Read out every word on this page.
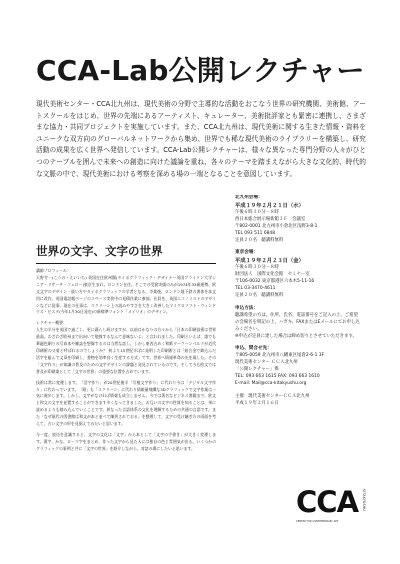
CCA-Lab公開レクチャー

現代美術センター・CCA北九州は、現代美術の分野で主導的な活動をおこなう世界の研究機関、美術館、アートスクールをはじめ、世界の先端にあるアーティスト、キュレーター、美術批評家とも緊密に連携し、さまざまな協力・共同プロジェクトを実施しています。また、CCA北九州は、現代美術に関する生きた情報・資料をユニークな双方向のグローバルネットワークから集め、世界でも稀な現代美術のライブラリーを構築し、研究活動の成果を広く世界へ発信しています。CCA-Lab公開レクチャーは、様々な異なった専門分野の人々がひとつのテーブルを囲んで未来への創造に向けた議論を重ね、各々のテーマを踏まえながら大きな文化的、時代的な文脈の中で、現代美術における考察を深める場の一端となることを意図しています。

世界の文字、文字の世界
講師プロフィール：

天野寺一(こうの・えいいち) 英国在住欧州圏(タイポグラフィック・デザイナー英国ブライトン大学シニア・リサーチ・フェロー)東京生まれ。ロンドン在住。そこでの受賞実績のみが1974年33歳運勢。欧文文字のデザイン・扱い方やタイポグラフィックの学者となる。卒業後、ロンドン地下鉄の書体を本文用に改作、英国電話帳ページのスペース実装中の見積作業に参加。社員を、英国エコノミストのデザインなどに従事。現在の仕事は、スクリーン上の読みやすさを大きく改善したマイクロソフト・ウィンドウズ・ビスタ(今年1月30日発売)の新標準フォント「メイリオ」のデザイン。

レクチャー概要：

人生の半分を英国で過ごし、更に暮らし続けますが、以前はかなりの方々から「日本の印刷技術は世界最高。わざわざ欧州まで出向いて勉強するなんて意味ないよ」と言われました。印刷といえば、誰でも華麗色刷りの写真本や雑誌を想像するのは当然な話し。しかし東西古めく和紙ワークーンベルクが近代印刷術の父着と呼ばれるのでしょうか？ 何より15世紀半ばに発明した印刷術とは「鉛合金で鋳込んだ活字を組んで文章を印刷し、書物を効率良く生産する方式」です。世界へ情報革命の先を現した。その「文字作り」が知識の普及のための文字デザインの課題と発見されているのです。そして今も欧文では普及が印刷業として「文字の世界」の重要な位置を占めています。

技術は常に変遷します。「活字作り」が20世紀後半「写植文字作り」に代わり今は「デジタル文字作り」に代わっています。「紙」も「スクリーン」に代わり情報量飛躍な3Dグラフィックで文字作業は一気に進歩します。しかし、文字がなければ情報も成立しません。今では著名なビジネス書籍まで、欧文と和文の文字を並置することができます多くなってきました。お互いの文字の性質を知ることは、単に読めるよりも踏み込んでいくことです。異なった言語体系の文化を理解するための共通の言語です。また「なぜ現代の図書館は和文が本と並べて陳列されておる」を整理して、文字の受け継ぎ方の両面を考えて、古い文字の形を見据えてみたいと思います。

今一度、放送を意識すると、文字の文化は「文字」から本として「文字の手書き」が大きく変遷します。漢字、かな、ローマ字をまとめ、作った文字から見た人には独自の色と雰囲気が出る。いくつかのグラフィックの事例と共に「文字の世界」を紹介しながら、対話の場にしたいと思います。

北九州会場：
平成１９年２月２１日（水）
午後６時３０分－８時
西日本総合展示場新館３Ｆ　会議室
〒802-0001 北九州市小倉北区浅野3-8-1
TEL 093 511 6848
定員２０名　聴講料無料
東京会場：
平成１９年２月２３日（金）
午後６時３０分－８時
財団法人　国際文化会館　セミナー室
〒106-0032 東京都港区六本木5-11-16
TEL 03-3470-4611
定員２０名　聴講料無料
申込方法：
聴講希望の方は、住所、氏名、電話番号をご記入の上、ご希望の会場名を明記の上、ハガキ、FAXまたはEメールにてお申し込みください。
※申込が定員に達した場合は締め切りとさせていただきます。
申込、問合せ先：
〒805-0059 北九州市八幡東区尾倉2-6-1 3F
現代美術センター ＣＣＡ北九州
「公開レクチャー」係
TEL: 093 663 1615 FAX: 093 663 1610
E-mail: Mail@cca-kitakyushu.org
主催：現代美術センターＣＣＡ北九州
平成１９年２月１６日
CCA	KITAKYUSHU
CENTER FOR CONTEMPORARY ART
